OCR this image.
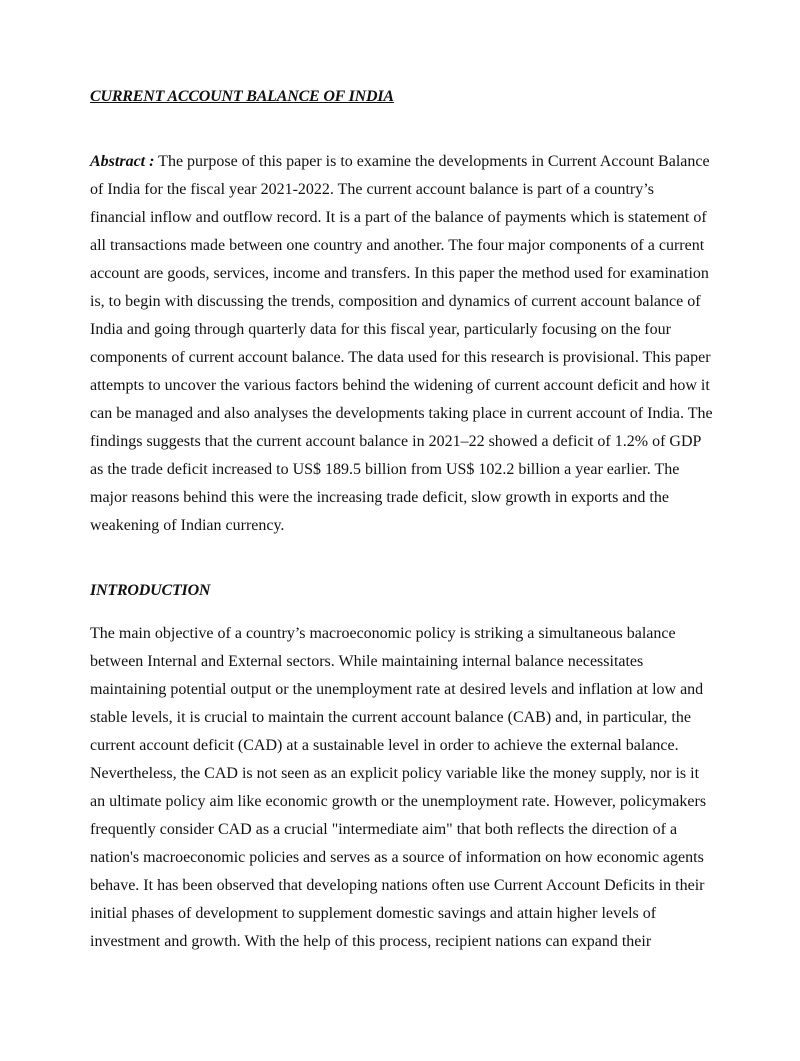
CURRENT ACCOUNT BALANCE OF INDIA
Abstract : The purpose of this paper is to examine the developments in Current Account Balance
of India for the fiscal year 2021-2022. The current account balance is part of a country’s
financial inflow and outflow record. It is a part of the balance of payments which is statement of
all transactions made between one country and another. The four major components of a current
account are goods, services, income and transfers. In this paper the method used for examination
is, to begin with discussing the trends, composition and dynamics of current account balance of
India and going through quarterly data for this fiscal year, particularly focusing on the four
components of current account balance. The data used for this research is provisional. This paper
attempts to uncover the various factors behind the widening of current account deficit and how it
can be managed and also analyses the developments taking place in current account of India. The
findings suggests that the current account balance in 2021–22 showed a deficit of 1.2% of GDP
as the trade deficit increased to US$ 189.5 billion from US$ 102.2 billion a year earlier. The
major reasons behind this were the increasing trade deficit, slow growth in exports and the
weakening of Indian currency.
INTRODUCTION
The main objective of a country’s macroeconomic policy is striking a simultaneous balance
between Internal and External sectors. While maintaining internal balance necessitates
maintaining potential output or the unemployment rate at desired levels and inflation at low and
stable levels, it is crucial to maintain the current account balance (CAB) and, in particular, the
current account deficit (CAD) at a sustainable level in order to achieve the external balance.
Nevertheless, the CAD is not seen as an explicit policy variable like the money supply, nor is it
an ultimate policy aim like economic growth or the unemployment rate. However, policymakers
frequently consider CAD as a crucial "intermediate aim" that both reflects the direction of a
nation's macroeconomic policies and serves as a source of information on how economic agents
behave. It has been observed that developing nations often use Current Account Deficits in their
initial phases of development to supplement domestic savings and attain higher levels of
investment and growth. With the help of this process, recipient nations can expand their
